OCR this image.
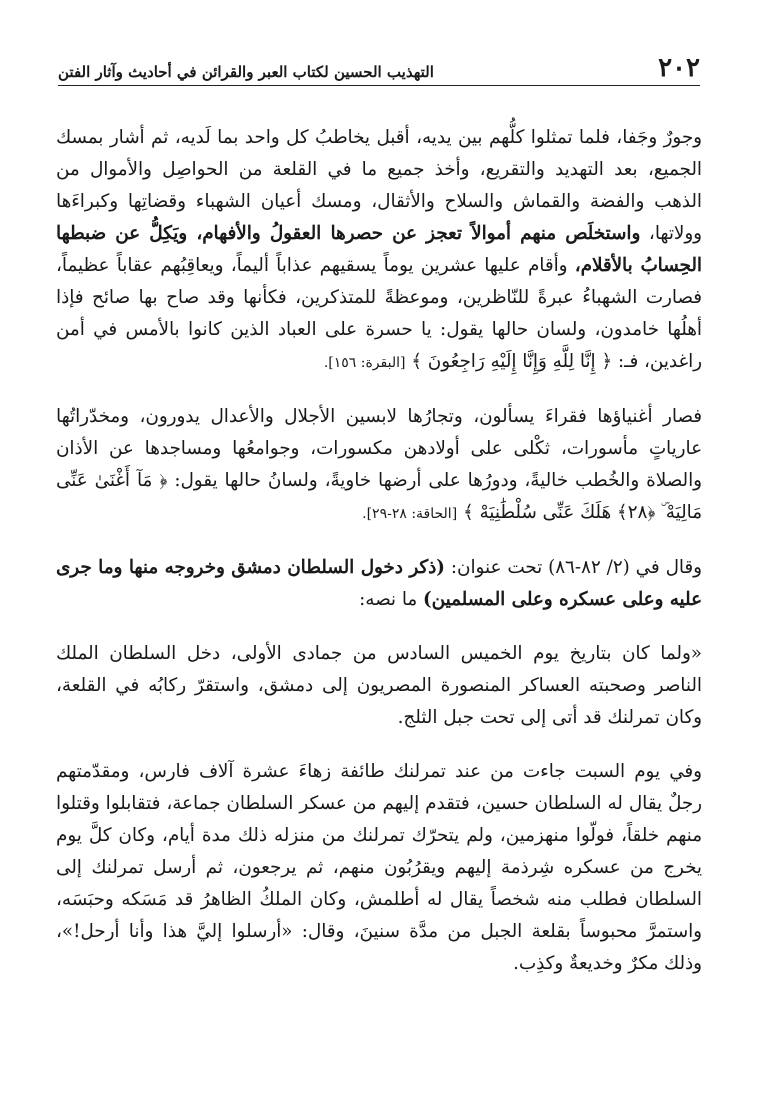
٢٠٢
التهذيب الحسين لكتاب العبر والقرائن في أحاديث وآثار الفتن

وجورٌ وجَفا، فلما تمثلوا كلُّهم بين يديه، أقبل يخاطبُ كل واحد بما لَديه، ثم أشار بمسك الجميع، بعد التهديد والتقريع، وأخذ جميع ما في القلعة من الحواصِل والأموال من الذهب والفضة والقماش والسلاح والأثقال، ومسك أعيان الشهباء وقضاتِها وكبراءَها وولاتها، واستخلَص منهم أموالاً تعجز عن حصرها العقولُ والأفهام، ويَكِلُّ عن ضبطها الحِسابُ بالأقلام، وأقام عليها عشرين يوماً يسقيهم عذاباً أليماً، ويعاقِبُهم عقاباً عظيماً، فصارت الشهباءُ عبرةً للنّاظرين، وموعظةً للمتذكرين، فكأنها وقد صاح بها صائح فإذا أهلُها خامدون، ولسان حالها يقول: يا حسرة على العباد الذين كانوا بالأمس في أمن راغدين، فـ: ﴿ إِنَّا لِلَّهِ وَإِنَّا إِلَيْهِ رَاجِعُونَ ﴾ [البقرة: ١٥٦].

فصار أغنياؤها فقراءَ يسألون، وتجارُها لابسين الأجلال والأعدال يدورون، ومخدّراتُها عارياتٍ مأسورات، ثكْلى على أولادهن مكسورات، وجوامعُها ومساجدها عن الأذان والصلاة والخُطب خاليةً، ودورُها على أرضها خاويةً، ولسانُ حالها يقول: ﴿ مَآ أَغْنَىٰ عَنِّى مَالِيَهْ ۜ ﴿٢٨﴾ هَلَكَ عَنِّى سُلْطَٰنِيَهْ ﴾ [الحاقة: ٢٨-٢٩].

وقال في (٢/ ٨٢-٨٦) تحت عنوان: (ذكر دخول السلطان دمشق وخروجه منها وما جرى عليه وعلى عسكره وعلى المسلمين) ما نصه:

«ولما كان بتاريخ يوم الخميس السادس من جمادى الأولى، دخل السلطان الملك الناصر وصحبته العساكر المنصورة المصريون إلى دمشق، واستقرّ ركابُه في القلعة، وكان تمرلنك قد أتى إلى تحت جبل الثلج.

وفي يوم السبت جاءت من عند تمرلنك طائفة زهاءَ عشرة آلاف فارس، ومقدّمتهم رجلٌ يقال له السلطان حسين، فتقدم إليهم من عسكر السلطان جماعة، فتقابلوا وقتلوا منهم خلقاً، فولّوا منهزمين، ولم يتحرّك تمرلنك من منزله ذلك مدة أيام، وكان كلَّ يوم يخرج من عسكره شِرذمة إليهم ويقرُبُون منهم، ثم يرجعون، ثم أرسل تمرلنك إلى السلطان فطلب منه شخصاً يقال له أطلمش، وكان الملكُ الظاهرُ قد مَسَكه وحبَسَه، واستمرَّ محبوساً بقلعة الجبل من مدَّة سنينَ، وقال: «أرسلوا إليَّ هذا وأنا أرحل!»، وذلك مكرٌ وخديعةٌ وكذِب.
